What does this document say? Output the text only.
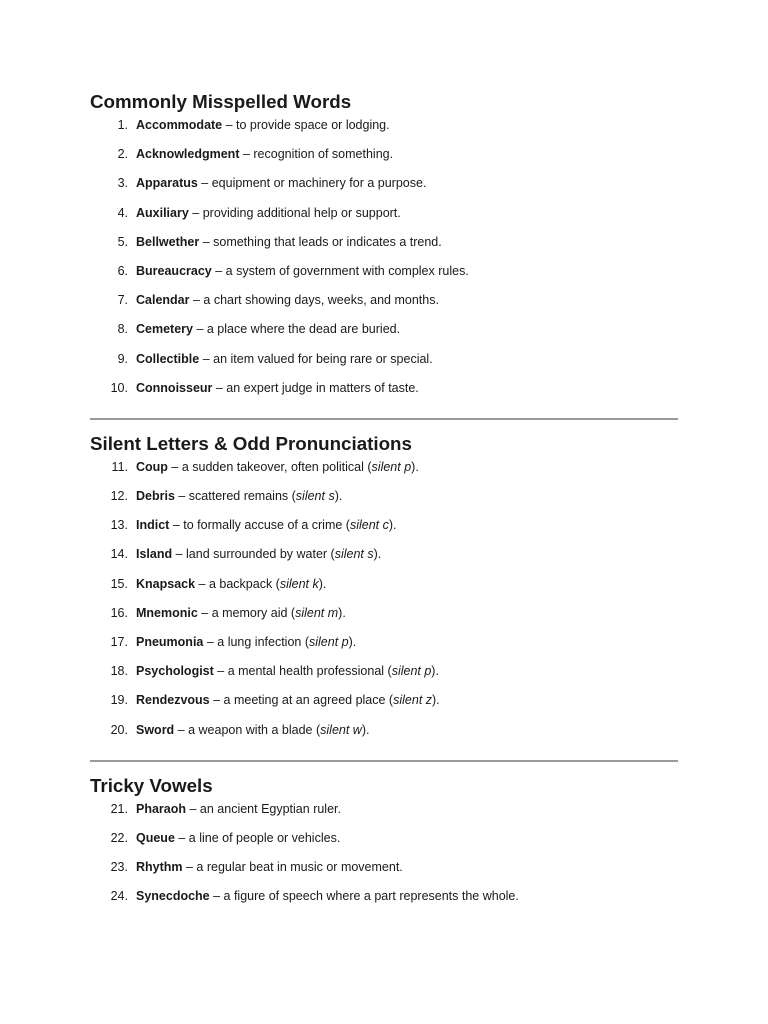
Commonly Misspelled Words
1. Accommodate – to provide space or lodging.
2. Acknowledgment – recognition of something.
3. Apparatus – equipment or machinery for a purpose.
4. Auxiliary – providing additional help or support.
5. Bellwether – something that leads or indicates a trend.
6. Bureaucracy – a system of government with complex rules.
7. Calendar – a chart showing days, weeks, and months.
8. Cemetery – a place where the dead are buried.
9. Collectible – an item valued for being rare or special.
10. Connoisseur – an expert judge in matters of taste.
Silent Letters & Odd Pronunciations
11. Coup – a sudden takeover, often political (silent p).
12. Debris – scattered remains (silent s).
13. Indict – to formally accuse of a crime (silent c).
14. Island – land surrounded by water (silent s).
15. Knapsack – a backpack (silent k).
16. Mnemonic – a memory aid (silent m).
17. Pneumonia – a lung infection (silent p).
18. Psychologist – a mental health professional (silent p).
19. Rendezvous – a meeting at an agreed place (silent z).
20. Sword – a weapon with a blade (silent w).
Tricky Vowels
21. Pharaoh – an ancient Egyptian ruler.
22. Queue – a line of people or vehicles.
23. Rhythm – a regular beat in music or movement.
24. Synecdoche – a figure of speech where a part represents the whole.
